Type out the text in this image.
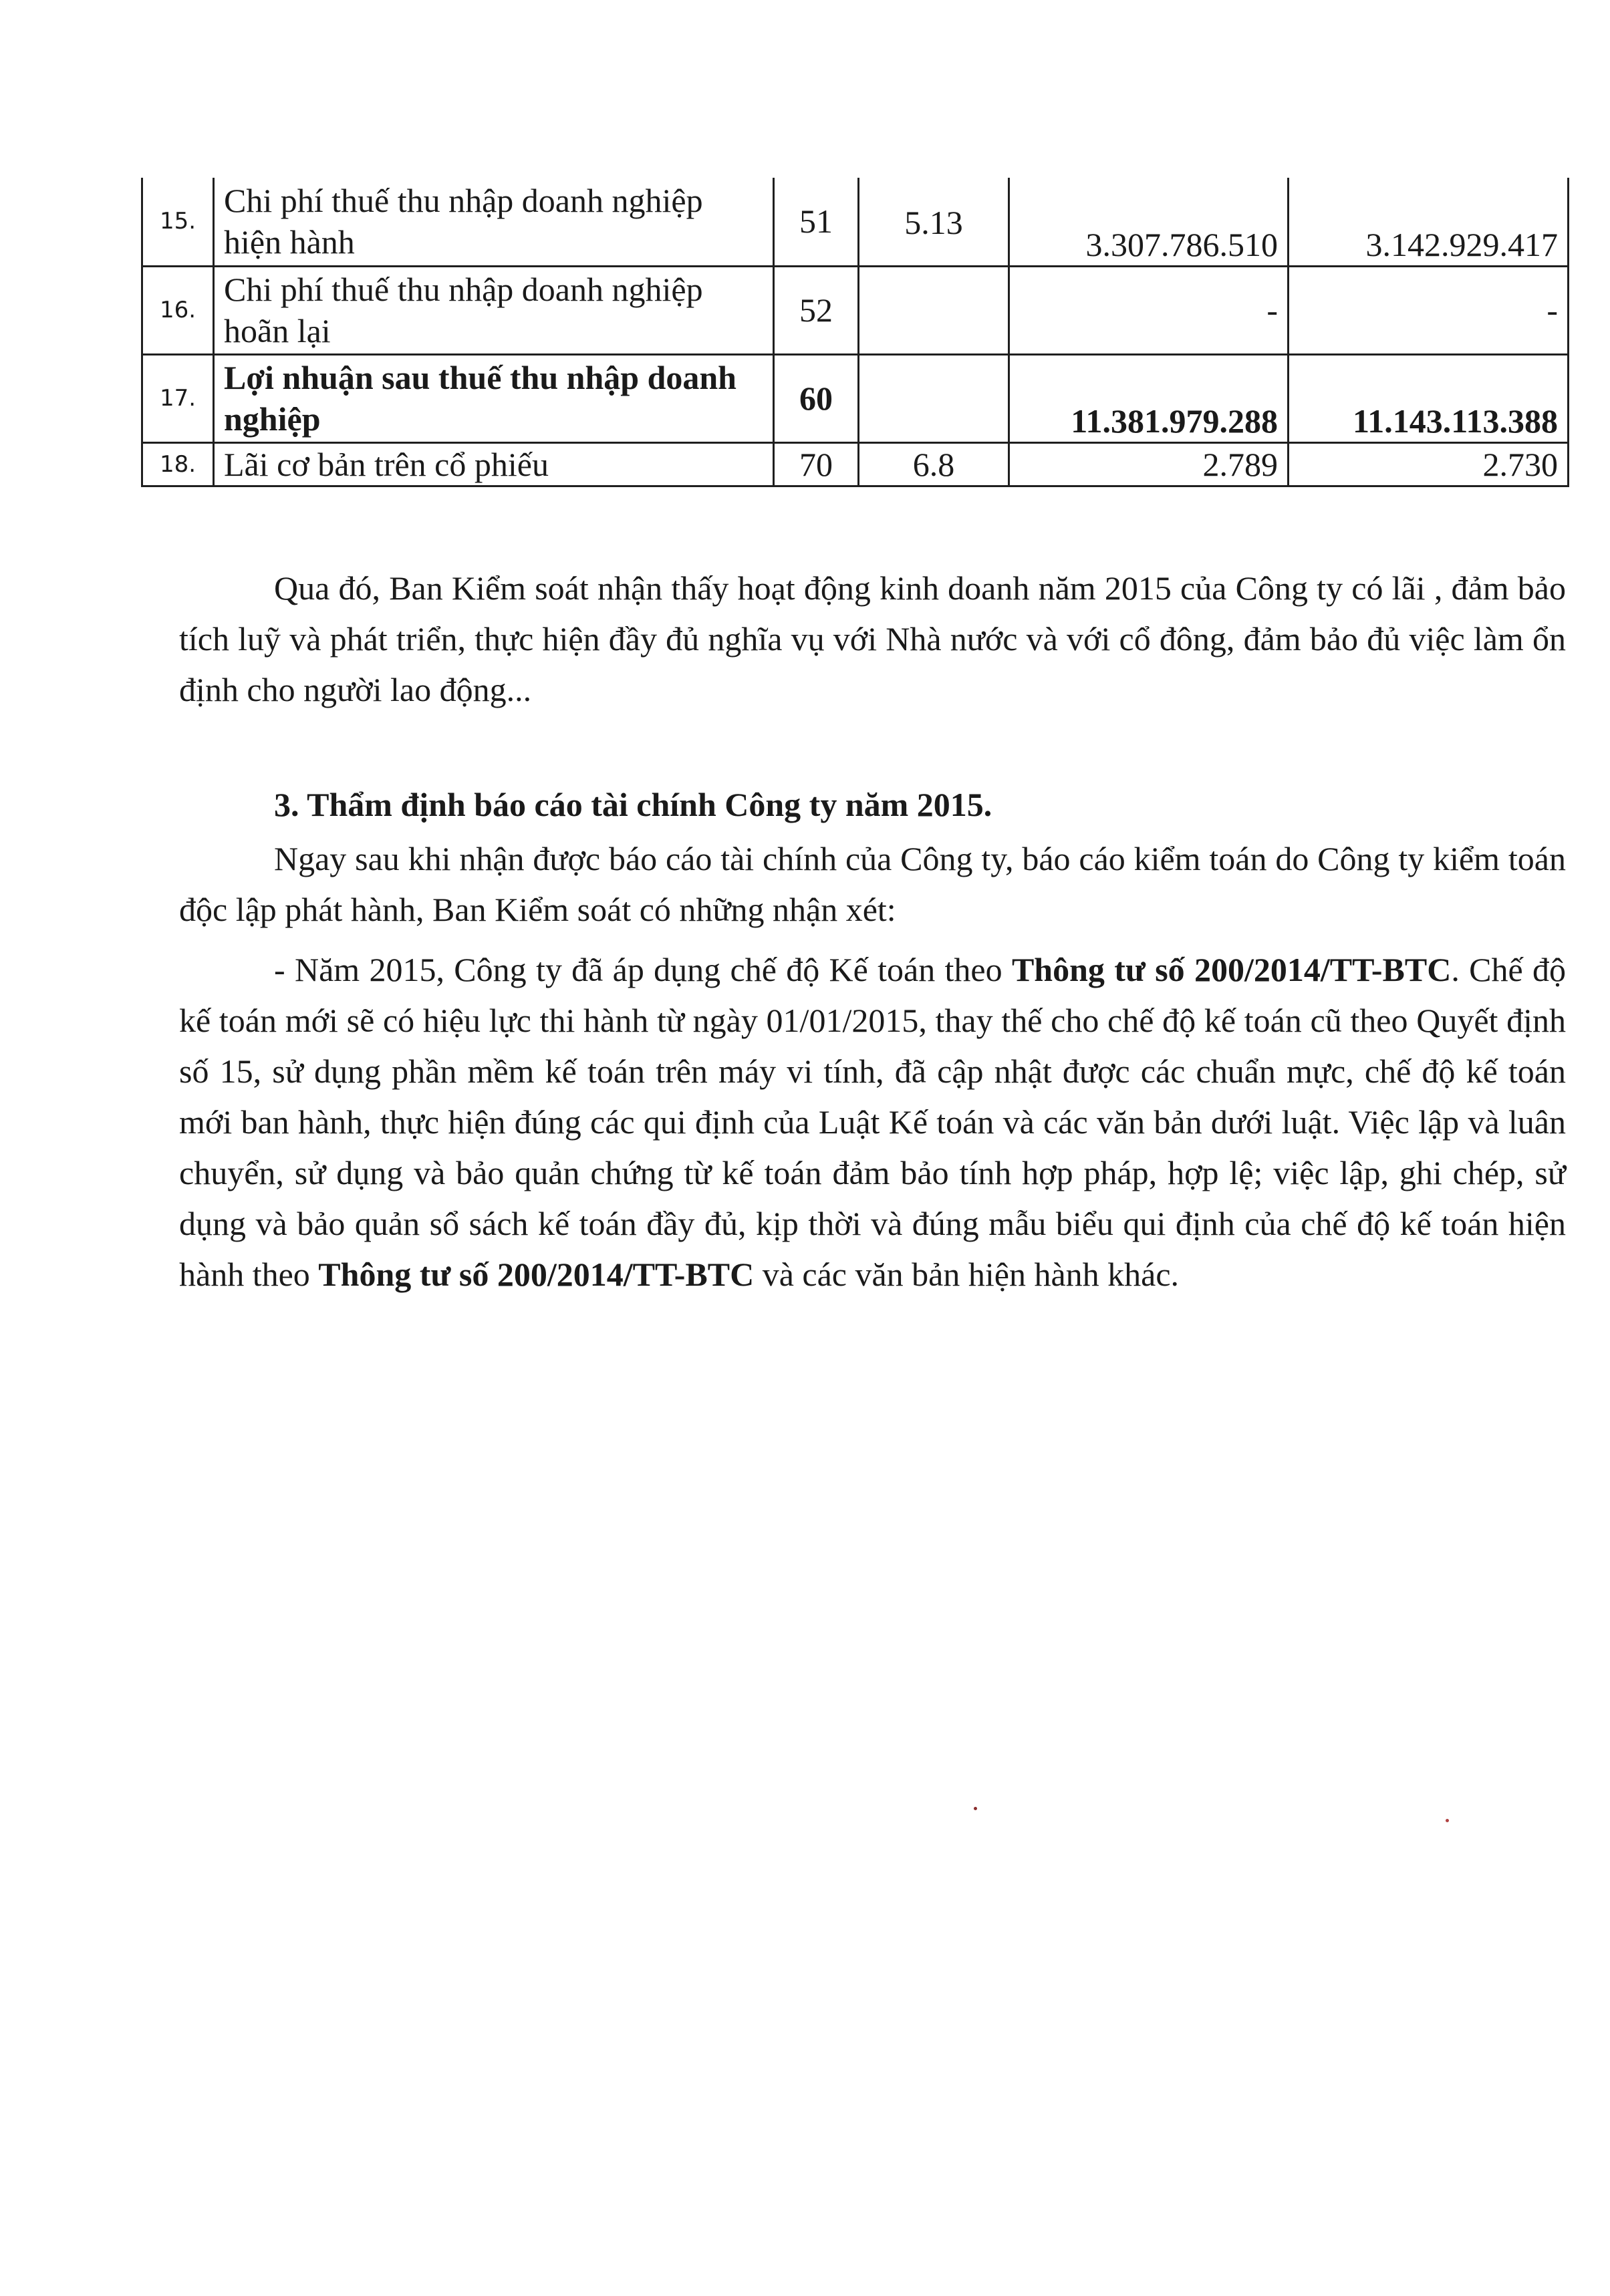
15.	Chi phí thuế thu nhập doanh nghiệp hiện hành	51	5.13	3.307.786.510	3.142.929.417
16.	Chi phí thuế thu nhập doanh nghiệp hoãn lại	52		-	-
17.	Lợi nhuận sau thuế thu nhập doanh nghiệp	60		11.381.979.288	11.143.113.388
18.	Lãi cơ bản trên cổ phiếu	70	6.8	2.789	2.730

Qua đó, Ban Kiểm soát nhận thấy hoạt động kinh doanh năm 2015 của Công ty có lãi , đảm bảo tích luỹ và phát triển, thực hiện đầy đủ nghĩa vụ với Nhà nước và với cổ đông, đảm bảo đủ việc làm ổn định cho người lao động...

3. Thẩm định báo cáo tài chính Công ty năm 2015.

Ngay sau khi nhận được báo cáo tài chính của Công ty, báo cáo kiểm toán do Công ty kiểm toán độc lập phát hành, Ban Kiểm soát có những nhận xét:

- Năm 2015, Công ty đã áp dụng chế độ Kế toán theo Thông tư số 200/2014/TT-BTC. Chế độ kế toán mới sẽ có hiệu lực thi hành từ ngày 01/01/2015, thay thế cho chế độ kế toán cũ theo Quyết định số 15, sử dụng phần mềm kế toán trên máy vi tính, đã cập nhật được các chuẩn mực, chế độ kế toán mới ban hành, thực hiện đúng các qui định của Luật Kế toán và các văn bản dưới luật. Việc lập và luân chuyển, sử dụng và bảo quản chứng từ kế toán đảm bảo tính hợp pháp, hợp lệ; việc lập, ghi chép, sử dụng và bảo quản sổ sách kế toán đầy đủ, kịp thời và đúng mẫu biểu qui định của chế độ kế toán hiện hành theo Thông tư số 200/2014/TT-BTC và các văn bản hiện hành khác.
